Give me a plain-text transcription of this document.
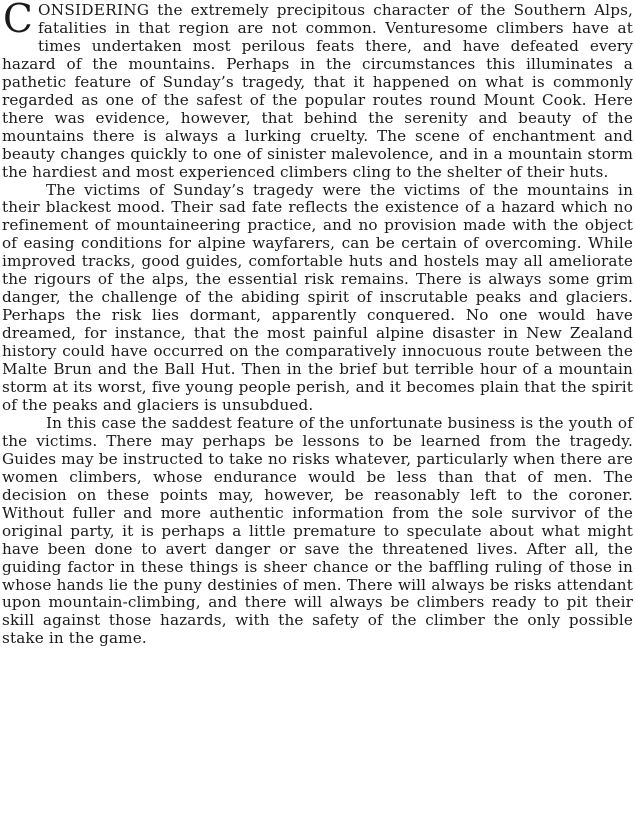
CONSIDERING the extremely precipitous character of the Southern Alps, fatalities in that region are not common. Venturesome climbers have at times undertaken most perilous feats there, and have defeated every hazard of the mountains. Perhaps in the circumstances this illuminates a pathetic feature of Sunday’s tragedy, that it happened on what is commonly regarded as one of the safest of the popular routes round Mount Cook. Here there was evidence, however, that behind the serenity and beauty of the mountains there is always a lurking cruelty. The scene of enchantment and beauty changes quickly to one of sinister malevolence, and in a mountain storm the hardiest and most experienced climbers cling to the shelter of their huts.

The victims of Sunday’s tragedy were the victims of the mountains in their blackest mood. Their sad fate reflects the existence of a hazard which no refinement of mountaineering practice, and no provision made with the object of easing conditions for alpine wayfarers, can be certain of overcoming. While improved tracks, good guides, comfortable huts and hostels may all ameliorate the rigours of the alps, the essential risk remains. There is always some grim danger, the challenge of the abiding spirit of inscrutable peaks and glaciers. Perhaps the risk lies dormant, apparently conquered. No one would have dreamed, for instance, that the most painful alpine disaster in New Zealand history could have occurred on the comparatively innocuous route between the Malte Brun and the Ball Hut. Then in the brief but terrible hour of a mountain storm at its worst, five young people perish, and it becomes plain that the spirit of the peaks and glaciers is unsubdued.

In this case the saddest feature of the unfortunate business is the youth of the victims. There may perhaps be lessons to be learned from the tragedy. Guides may be instructed to take no risks whatever, particularly when there are women climbers, whose endurance would be less than that of men. The decision on these points may, however, be reasonably left to the coroner. Without fuller and more authentic information from the sole survivor of the original party, it is perhaps a little premature to speculate about what might have been done to avert danger or save the threatened lives. After all, the guiding factor in these things is sheer chance or the baffling ruling of those in whose hands lie the puny destinies of men. There will always be risks attendant upon mountain-climbing, and there will always be climbers ready to pit their skill against those hazards, with the safety of the climber the only possible stake in the game.
